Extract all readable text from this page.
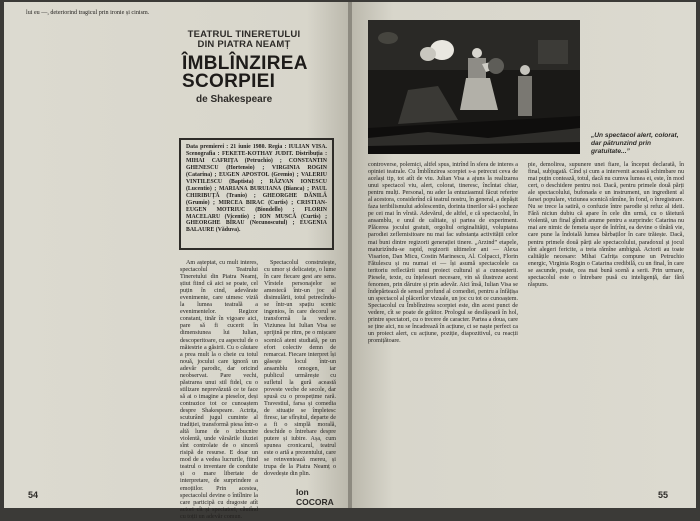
lui eu —, deteriorind tragicul prin ironie și cinism.

TEATRUL TINERETULUI DIN PIATRA NEAMȚ
ÎMBLÎNZIREA SCORPIEI
de Shakespeare
Data premierei : 21 iunie 1980. Regia : IULIAN VISA. Scenografia : FEKETE-KOTHAY JUDIT. Distribuția : MIHAI CAFRIȚA (Petruchio) ; CONSTANTIN GHENESCU (Hortensio) ; VIRGINIA ROGIN (Catarina) ; EUGEN APOSTOL (Gremio) ; VALERIU VINTILESCU (Baptista) ; RĂZVAN IONESCU (Lucentio) ; MARIANA BURUIANA (Bianca) ; PAUL CHIRIBUȚĂ (Tranio) ; GHEORGHE DĂNILĂ (Grumio) ; MIRCEA BIRAC (Curtis) ; CRISTIAN-EUGEN MOTRIUC (Biondello) ; FLORIN MACELARU (Vicentio) ; ION MUSCĂ (Curtis) ; GHEORGHE BÎRAU (Necunoscutul) ; EUGENIA BALAURE (Văduva).

Am așteptat, cu mult interes, spectacolul Teatrului Tineretului din Piatra Neamț, știut fiind că aici se poate, cel puțin în cind, adevărate evenimente, care uimesc viziă la lumea teatrală a evenimentelor. Regizor constant, tinăr în vigoare aici, pare să fi cucerit în dimensiunea lui Iulian, descoperitoare, cu aspectul de o măiestrie a găsirii. Cu o căutare a prea mult la o cheie cu totul nouă, jocului care ignoră un adevăr parodic, dar oricind neobservat. Pare vechi, păstrarea unui stil fidel, cu o stilizare neprevăzută ce te face să ai o imagine a pieselor, deși contrazice tot ce cunoaștem despre Shakespeare. Actrița, scuturând jugul cuminte al tradiției, transformă piesa într-o altă lume de o izbucnire violentă, unde vărsările iluziei sînt controlate de o sinceră risipă de resurse. E doar un mod de a vedea lucrurile, fiind teatrul o inventare de conduite și o mare libertate de interpretare, de surprindere a emoțiilor. Prin acestea, spectacolul devine o întîlnire la care participă cu dragoste atît actori cît și spectatori, căutînd cu toții un adevăr comun.

Spectacolul construiește, cu umor și delicatețe, o lume în care fiecare gest are sens. Vîrstele personajelor se amestecă într-un joc al disimulării, totul petrecîndu-se într-un spațiu scenic ingenios, în care decorul se transformă la vedere. Viziunea lui Iulian Visa se sprijină pe ritm, pe o mișcare scenică atent studiată, pe un efort colectiv demn de remarcat. Fiecare interpret își găsește locul într-un ansamblu omogen, iar publicul urmărește cu sufletul la gură această poveste veche de secole, dar spusă cu o prospețime rară. Travestiul, farsa și comedia de situație se împletesc firesc, iar sfîrșitul, departe de a fi o simplă morală, deschide o întrebare despre putere și iubire. Așa, cum spunea cronicarul, teatrul este o artă a prezentului, care se reinventează mereu, și trupa de la Piatra Neamț o dovedește din plin.

Ion COCORA
54
„Un spectacol alert, colorat, dar pătrunzind prin gratuitate...”

controverse, polemici, altfel spus, intrînd în sfera de interes a opiniei teatrale. Cu Îmblînzirea scorpiei s-a petrecut ceva de același tip, tot atît de viu. Julian Visa a ajuns la realizarea unui spectacol viu, alert, colorat, tineresc, încîntat chiar, pentru mulți. Personal, nu ader la entuziasmul făcut referire al acestora, considerînd că teatrul nostru, în general, a depășit faza teribilismului adolescentin, dorinta tinerilor să-i șocheze pe cei mai în vîrstă. Adevărul, de altfel, e că spectacolul, în ansamblu, e unul de calitate, și partea de experiment. Plăcerea jocului gratuit, orgoliul originalității, voluptatea parodiei zeflemisitoare nu mai fac substanța activității celor mai buni dintre regizorii generației tinere. „Arzind” etapele, maturizîndu-se rapid, regizorii ultimelor ani — Alexa Visarion, Dan Micu, Costin Marinescu, Al. Colpacci, Florin Fătulescu și nu numai ei — își asumă spectacolele ca teritoriu reflectării unui proiect cultural și a cunoașterii. Piesele, texte, cu înțelesuri necesare, vin să ilustreze acest fenomen, prin dăruire și prin adevăr. Aici însă, Iulian Visa se îndepărtează de sensul profund al comediei, pentru a înfățișa un spectacol al plăcerilor vizuale, un joc cu tot ce cunoaștem. Spectacolul cu Îmblînzirea scorpiei este, din acest punct de vedere, cît se poate de grăitor. Prologul se desfășoară în hol, printre spectatori, cu o trecere de caracter. Partea a doua, care se ține aici, nu se încadrează în acțiune, ci se naște perfect ca un proiect alert, cu acțiune, poziție, diapozitivul, cu reacții promițătoare.

pie, demolirea, supunere unei fiare, la început declarată, în final, subjugată. Cînd și cum a intervenit această schimbare nu mai puțin contează, totul, dacă nu cumva lumea ei, este, în mod cert, o deschidere pentru noi. Dacă, pentru primele două părți ale spectacolului, bufonada e un instrument, un ingredient al farsei populare, viziunea scenică rămîne, în fond, o înregistrare. Nu se trece la satiră, o confuzie între parodie și refuz al ideii. Fără niciun dubiu că apare în cele din urmă, cu o tăietură violentă, un final gîndit anume pentru a surprinde: Catarina nu mai are nimic de femeia ușor de înfrînt, ea devine o tînără vie, care pune la îndoială lumea bărbaților în care trăiește. Dacă, pentru primele două părți ale spectacolului, paradoxul și jocul sînt alegeri fericite, a treia rămîne ambiguă. Actorii au toate calitățile necesare: Mihai Cafrița compune un Petruchio energic, Virginia Rogin o Catarina credibilă, cu un final, în care se ascunde, poate, cea mai bună scenă a serii. Prin urmare, spectacolul este o întrebare pusă cu inteligență, dar fără răspuns.

55
